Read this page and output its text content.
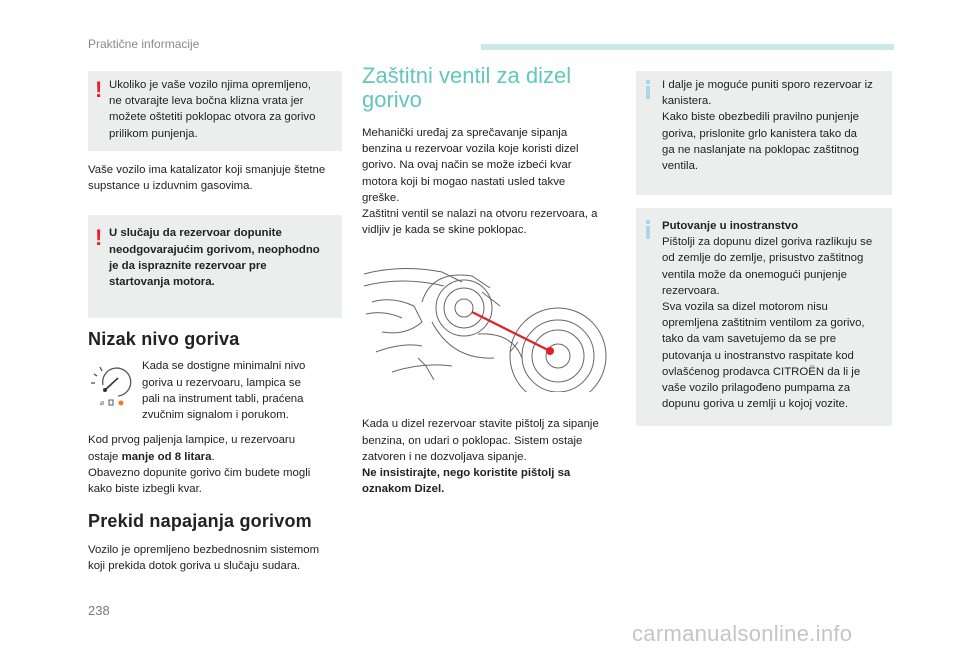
Praktične informacije
! Ukoliko je vaše vozilo njima opremljeno,

ne otvarajte leva bočna klizna vrata jer

možete oštetiti poklopac otvora za gorivo

prilikom punjenja.

Vaše vozilo ima katalizator koji smanjuje štetne

supstance u izduvnim gasovima.

! U slučaju da rezervoar dopunite

neodgovarajućim gorivom, neophodno

je da ispraznite rezervoar pre

startovanja motora.

Nizak nivo goriva
⌀

Kada se dostigne minimalni nivo

goriva u rezervoaru, lampica se

pali na instrument tabli, praćena

zvučnim signalom i porukom.

Kod prvog paljenja lampice, u rezervoaru

ostaje manje od 8 litara.

Obavezno dopunite gorivo čim budete mogli

kako biste izbegli kvar.

Prekid napajanja gorivom

Vozilo je opremljeno bezbednosnim sistemom

koji prekida dotok goriva u slučaju sudara.

Zaštitni ventil za dizel
gorivo

Mehanički uređaj za sprečavanje sipanja

benzina u rezervoar vozila koje koristi dizel

gorivo. Na ovaj način se može izbeći kvar

motora koji bi mogao nastati usled takve

greške.

Zaštitni ventil se nalazi na otvoru rezervoara, a

vidljiv je kada se skine poklopac.

Kada u dizel rezervoar stavite pištolj za sipanje

benzina, on udari o poklopac. Sistem ostaje

zatvoren i ne dozvoljava sipanje.

Ne insistirajte, nego koristite pištolj sa

oznakom Dizel.

I dalje je moguće puniti sporo rezervoar iz

kanistera.

Kako biste obezbedili pravilno punjenje

goriva, prislonite grlo kanistera tako da

ga ne naslanjate na poklopac zaštitnog

ventila.

Putovanje u inostranstvo

Pištolji za dopunu dizel goriva razlikuju se

od zemlje do zemlje, prisustvo zaštitnog

ventila može da onemogući punjenje

rezervoara.

Sva vozila sa dizel motorom nisu

opremljena zaštitnim ventilom za gorivo,

tako da vam savetujemo da se pre

putovanja u inostranstvo raspitate kod

ovlašćenog prodavca CITROËN da li je

vaše vozilo prilagođeno pumpama za

dopunu goriva u zemlji u kojoj vozite.

238
carmanualsonline.info
